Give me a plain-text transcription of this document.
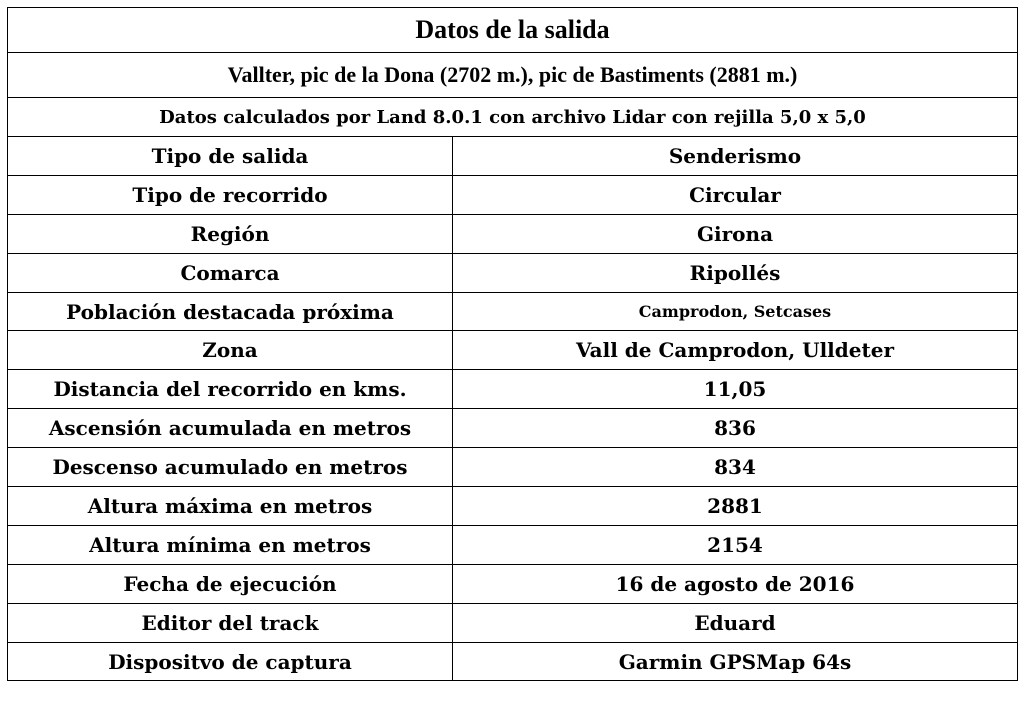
Datos de la salida	
Vallter, pic de la Dona (2702 m.), pic de Bastiments (2881 m.)	
Datos calculados por Land 8.0.1 con archivo Lidar con rejilla 5,0 x 5,0	
Tipo de salida	Senderismo
Tipo de recorrido	Circular
Región	Girona
Comarca	Ripollés
Población destacada próxima	Camprodon, Setcases
Zona	Vall de Camprodon, Ulldeter
Distancia del recorrido en kms.	11,05
Ascensión acumulada en metros	836
Descenso acumulado en metros	834
Altura máxima en metros	2881
Altura mínima en metros	2154
Fecha de ejecución	16 de agosto de 2016
Editor del track	Eduard
Dispositvo de captura	Garmin GPSMap 64s
